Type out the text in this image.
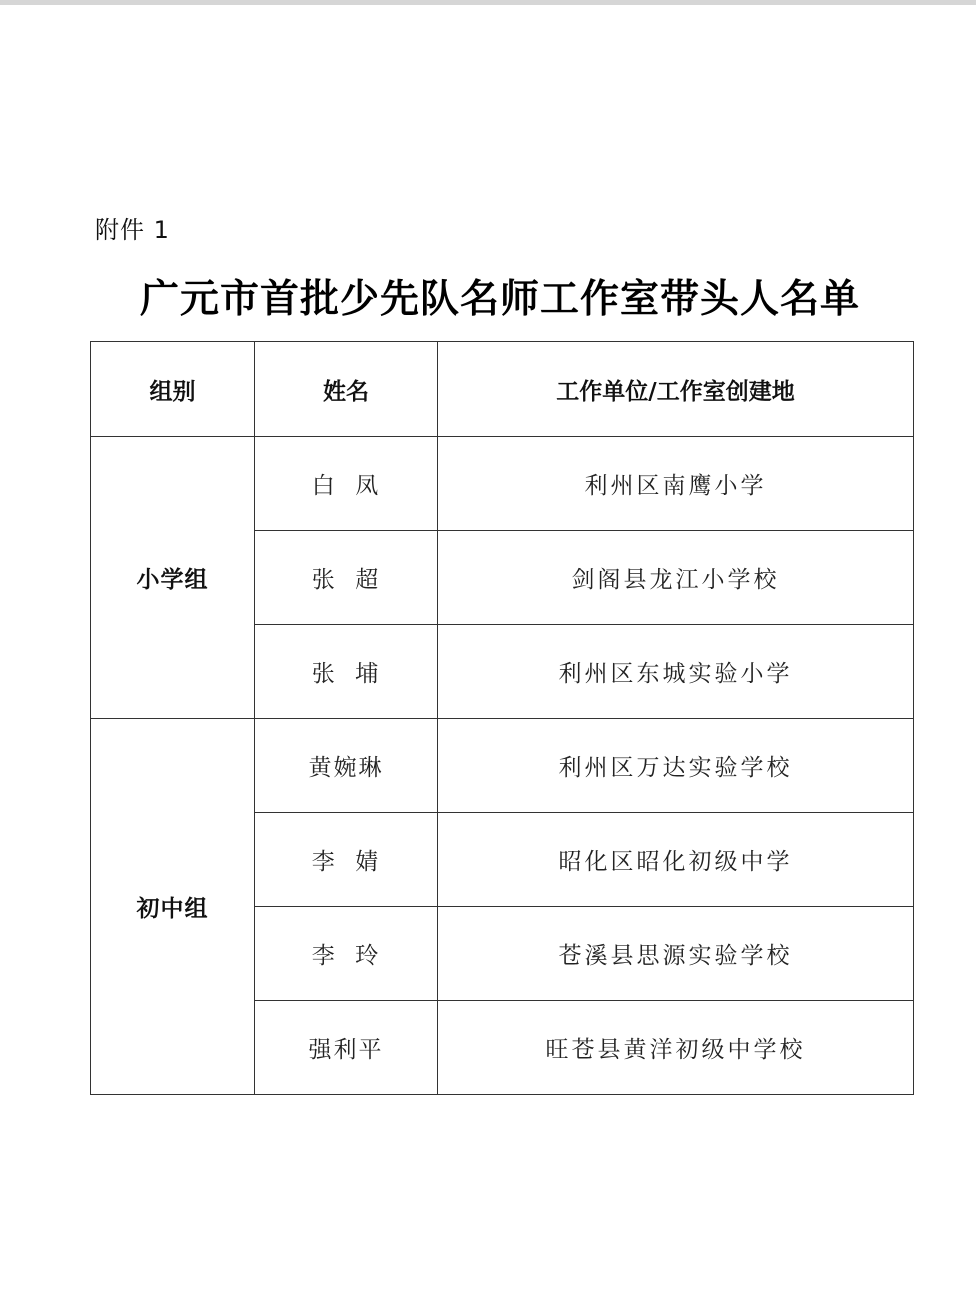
附件 1
广元市首批少先队名师工作室带头人名单
组别	姓名	工作单位/工作室创建地
小学组	白  凤	利州区南鹰小学
	张  超	剑阁县龙江小学校
	张  埔	利州区东城实验小学
初中组	黄婉琳	利州区万达实验学校
	李  婧	昭化区昭化初级中学
	李  玲	苍溪县思源实验学校
	强利平	旺苍县黄洋初级中学校
